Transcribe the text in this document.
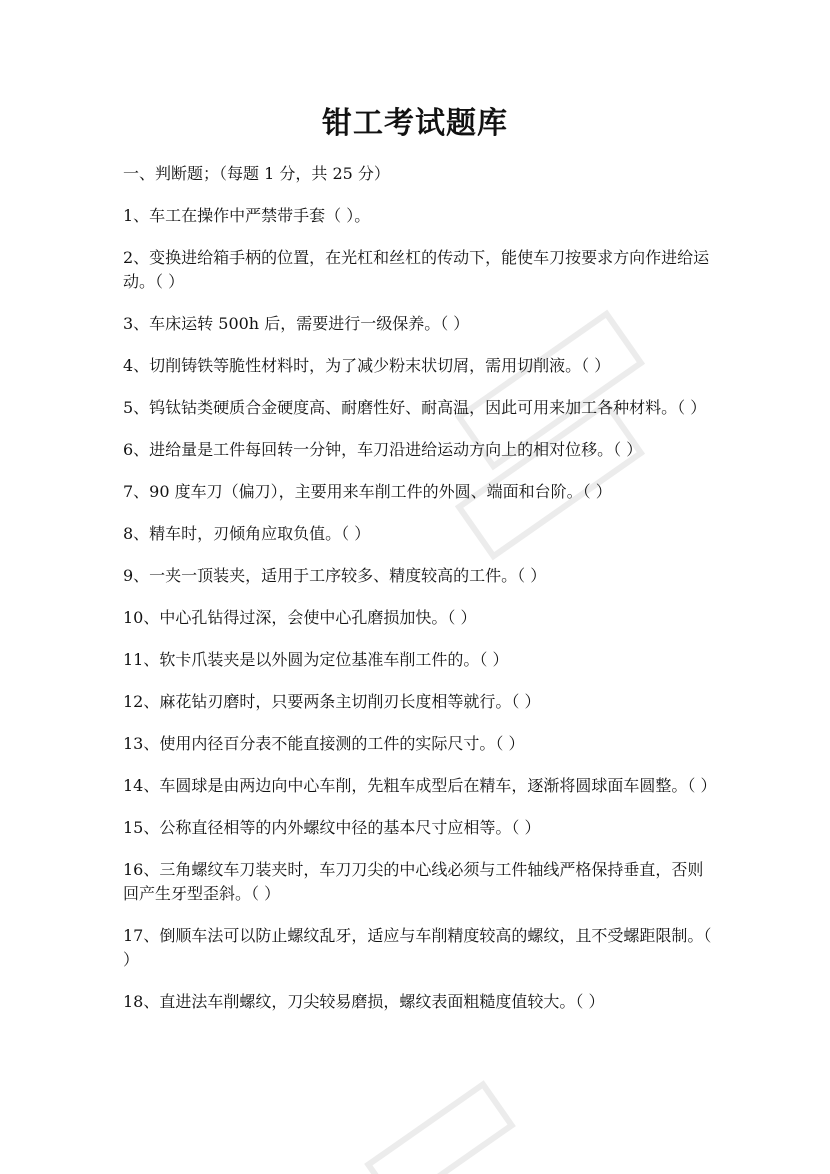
钳工考试题库

一、判断题；（每题 1 分，共 25 分）

1、车工在操作中严禁带手套（ ）。

2、变换进给箱手柄的位置，在光杠和丝杠的传动下，能使车刀按要求方向作进给运动。（ ）

3、车床运转 500h 后，需要进行一级保养。（ ）

4、切削铸铁等脆性材料时，为了减少粉末状切屑，需用切削液。（ ）

5、钨钛钴类硬质合金硬度高、耐磨性好、耐高温，因此可用来加工各种材料。（ ）

6、进给量是工件每回转一分钟，车刀沿进给运动方向上的相对位移。（ ）

7、90 度车刀（偏刀），主要用来车削工件的外圆、端面和台阶。（ ）

8、精车时，刃倾角应取负值。（ ）

9、一夹一顶装夹，适用于工序较多、精度较高的工件。（ ）

10、中心孔钻得过深，会使中心孔磨损加快。（ ）

11、软卡爪装夹是以外圆为定位基准车削工件的。（ ）

12、麻花钻刃磨时，只要两条主切削刃长度相等就行。（ ）

13、使用内径百分表不能直接测的工件的实际尺寸。（ ）

14、车圆球是由两边向中心车削，先粗车成型后在精车，逐渐将圆球面车圆整。（ ）

15、公称直径相等的内外螺纹中径的基本尺寸应相等。（ ）

16、三角螺纹车刀装夹时，车刀刀尖的中心线必须与工件轴线严格保持垂直，否则回产生牙型歪斜。（ ）

17、倒顺车法可以防止螺纹乱牙，适应与车削精度较高的螺纹，且不受螺距限制。（ ）

18、直进法车削螺纹，刀尖较易磨损，螺纹表面粗糙度值较大。（ ）
